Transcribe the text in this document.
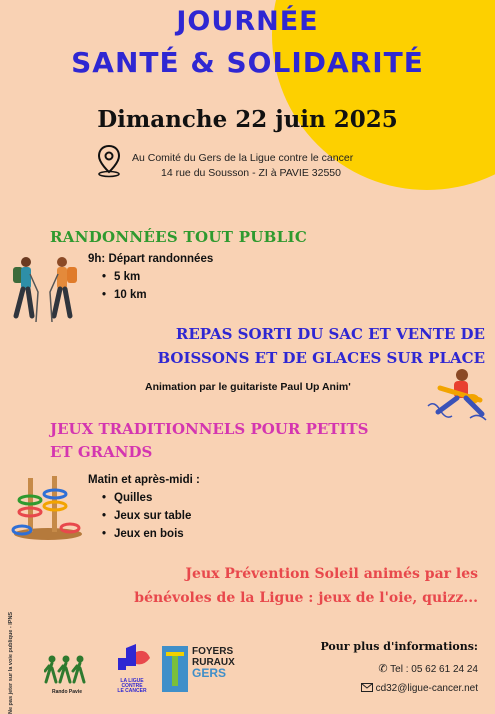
JOURNÉE
SANTÉ & SOLIDARITÉ
Dimanche 22 juin 2025
Au Comité du Gers de la Ligue contre le cancer
14 rue du Sousson - ZI à PAVIE 32550
RANDONNÉES TOUT PUBLIC
9h: Départ randonnées
• 5 km
• 10 km
REPAS SORTI DU SAC ET VENTE DE
BOISSONS ET DE GLACES SUR PLACE
Animation par le guitariste Paul Up Anim'
JEUX TRADITIONNELS POUR PETITS
ET GRANDS
Matin et après-midi :
• Quilles
• Jeux sur table
• Jeux en bois
Jeux Prévention Soleil animés par les
bénévoles de la Ligue : jeux de l'oie, quizz...
Ne pas jeter sur la voie publique - IPNS	Rando Pavie
LA LIGUE
CONTRE
LE CANCER
FOYERS
RURAUX
GERS
Pour plus d'informations:
✆ Tel : 05 62 61 24 24
cd32@ligue-cancer.net
